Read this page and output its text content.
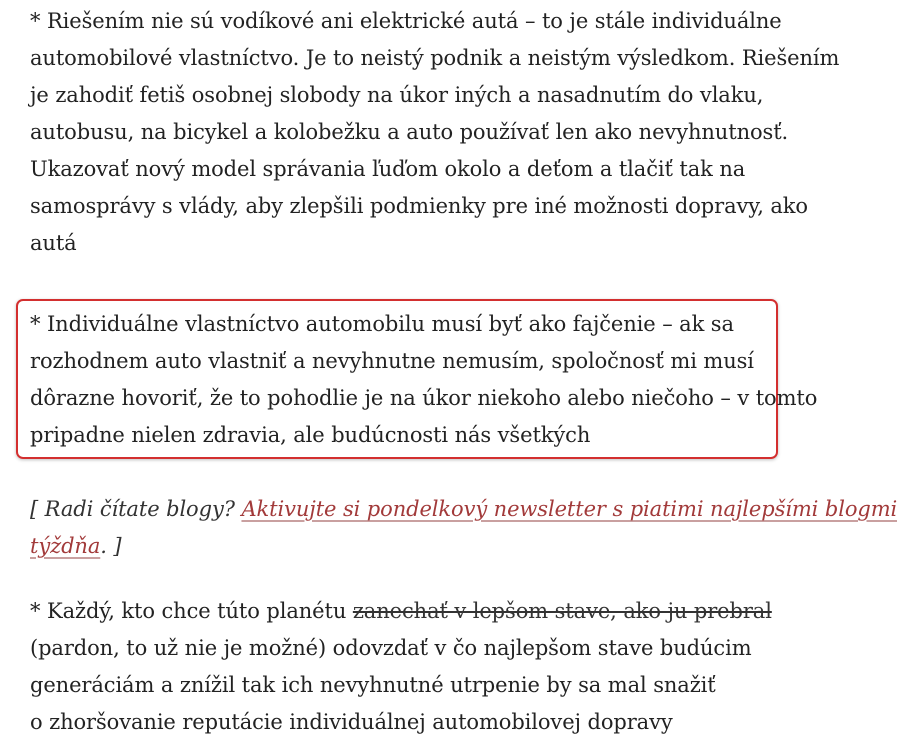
* Riešením nie sú vodíkové ani elektrické autá – to je stále individuálne
automobilové vlastníctvo. Je to neistý podnik a neistým výsledkom. Riešením
je zahodiť fetiš osobnej slobody na úkor iných a nasadnutím do vlaku,
autobusu, na bicykel a kolobežku a auto používať len ako nevyhnutnosť.
Ukazovať nový model správania ľuďom okolo a deťom a tlačiť tak na
samosprávy s vlády, aby zlepšili podmienky pre iné možnosti dopravy, ako
autá

* Individuálne vlastníctvo automobilu musí byť ako fajčenie – ak sa
rozhodnem auto vlastniť a nevyhnutne nemusím, spoločnosť mi musí
dôrazne hovoriť, že to pohodlie je na úkor niekoho alebo niečoho – v tomto
pripadne nielen zdravia, ale budúcnosti nás všetkých

[ Radi čítate blogy? Aktivujte si pondelkový newsletter s piatimi najlepšími blogmi
týždňa. ]

* Každý, kto chce túto planétu zanechať v lepšom stave, ako ju prebral
(pardon, to už nie je možné) odovzdať v čo najlepšom stave budúcim
generáciám a znížil tak ich nevyhnutné utrpenie by sa mal snažiť
o zhoršovanie reputácie individuálnej automobilovej dopravy
